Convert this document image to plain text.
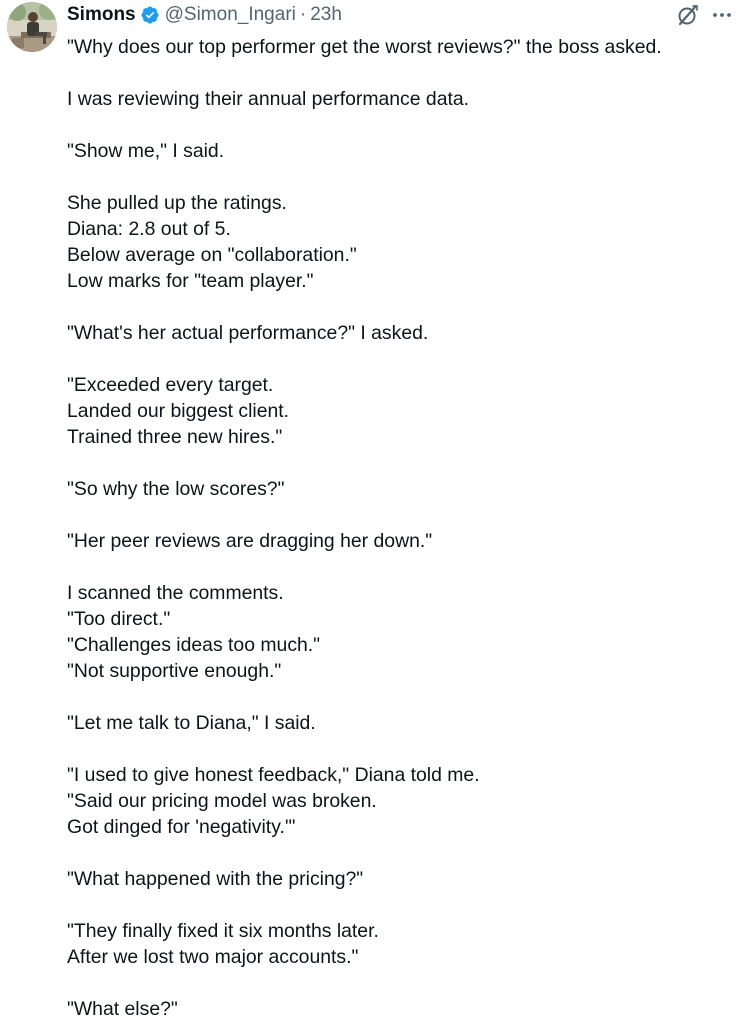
Simons @Simon_Ingari · 23h
"Why does our top performer get the worst reviews?" the boss asked.
I was reviewing their annual performance data.
"Show me," I said.
She pulled up the ratings.
Diana: 2.8 out of 5.
Below average on "collaboration."
Low marks for "team player."
"What's her actual performance?" I asked.
"Exceeded every target.
Landed our biggest client.
Trained three new hires."
"So why the low scores?"
"Her peer reviews are dragging her down."
I scanned the comments.
"Too direct."
"Challenges ideas too much."
"Not supportive enough."
"Let me talk to Diana," I said.
"I used to give honest feedback," Diana told me.
"Said our pricing model was broken.
Got dinged for 'negativity.'"
"What happened with the pricing?"
"They finally fixed it six months later.
After we lost two major accounts."
"What else?"
